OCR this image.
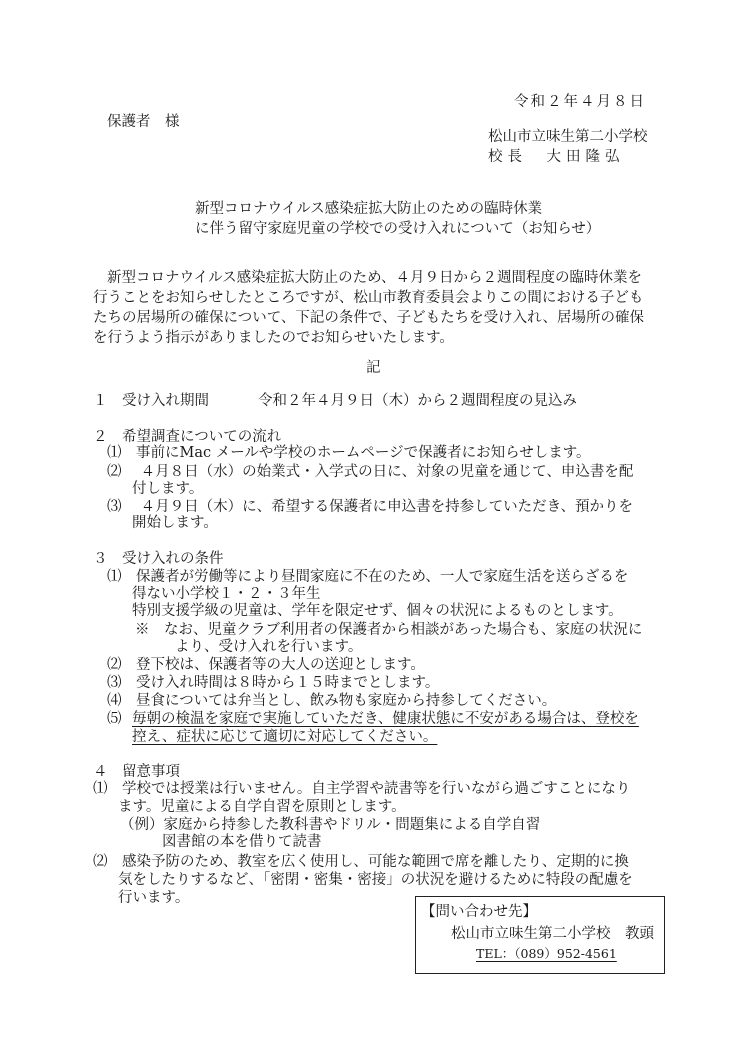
令和２年４月８日
保護者　様
松山市立味生第二小学校
校長　大田隆弘
新型コロナウイルス感染症拡大防止のための臨時休業
に伴う留守家庭児童の学校での受け入れについて（お知らせ）
新型コロナウイルス感染症拡大防止のため、４月９日から２週間程度の臨時休業を
行うことをお知らせしたところですが、松山市教育委員会よりこの間における子ども
たちの居場所の確保について、下記の条件で、子どもたちを受け入れ、居場所の確保
を行うよう指示がありましたのでお知らせいたします。
記
１　受け入れ期間	令和２年４月９日（木）から２週間程度の見込み
２　希望調査についての流れ
⑴　事前にMac メールや学校のホームページで保護者にお知らせします。
⑵　 ４月８日（水）の始業式・入学式の日に、対象の児童を通じて、申込書を配
付します。
⑶　 ４月９日（木）に、希望する保護者に申込書を持参していただき、預かりを
開始します。
３　受け入れの条件
⑴　保護者が労働等により昼間家庭に不在のため、一人で家庭生活を送らざるを
得ない小学校１・２・３年生
特別支援学級の児童は、学年を限定せず、個々の状況によるものとします。
※　なお、児童クラブ利用者の保護者から相談があった場合も、家庭の状況に
より、受け入れを行います。
⑵　登下校は、保護者等の大人の送迎とします。
⑶　受け入れ時間は８時から１５時までとします。
⑷　昼食については弁当とし、飲み物も家庭から持参してください。
⑸　
毎朝の検温を家庭で実施していただき、健康状態に不安がある場合は、登校を
控え、症状に応じて適切に対応してください。
４　留意事項
⑴　学校では授業は行いません。自主学習や読書等を行いながら過ごすことになり
ます。児童による自学自習を原則とします。
（例）家庭から持参した教科書やドリル・問題集による自学自習
図書館の本を借りて読書
⑵　感染予防のため、教室を広く使用し、可能な範囲で席を離したり、定期的に換
気をしたりするなど、「密閉・密集・密接」の状況を避けるために特段の配慮を
行います。
【問い合わせ先】
松山市立味生第二小学校　教頭
TEL：（089）952-4561
